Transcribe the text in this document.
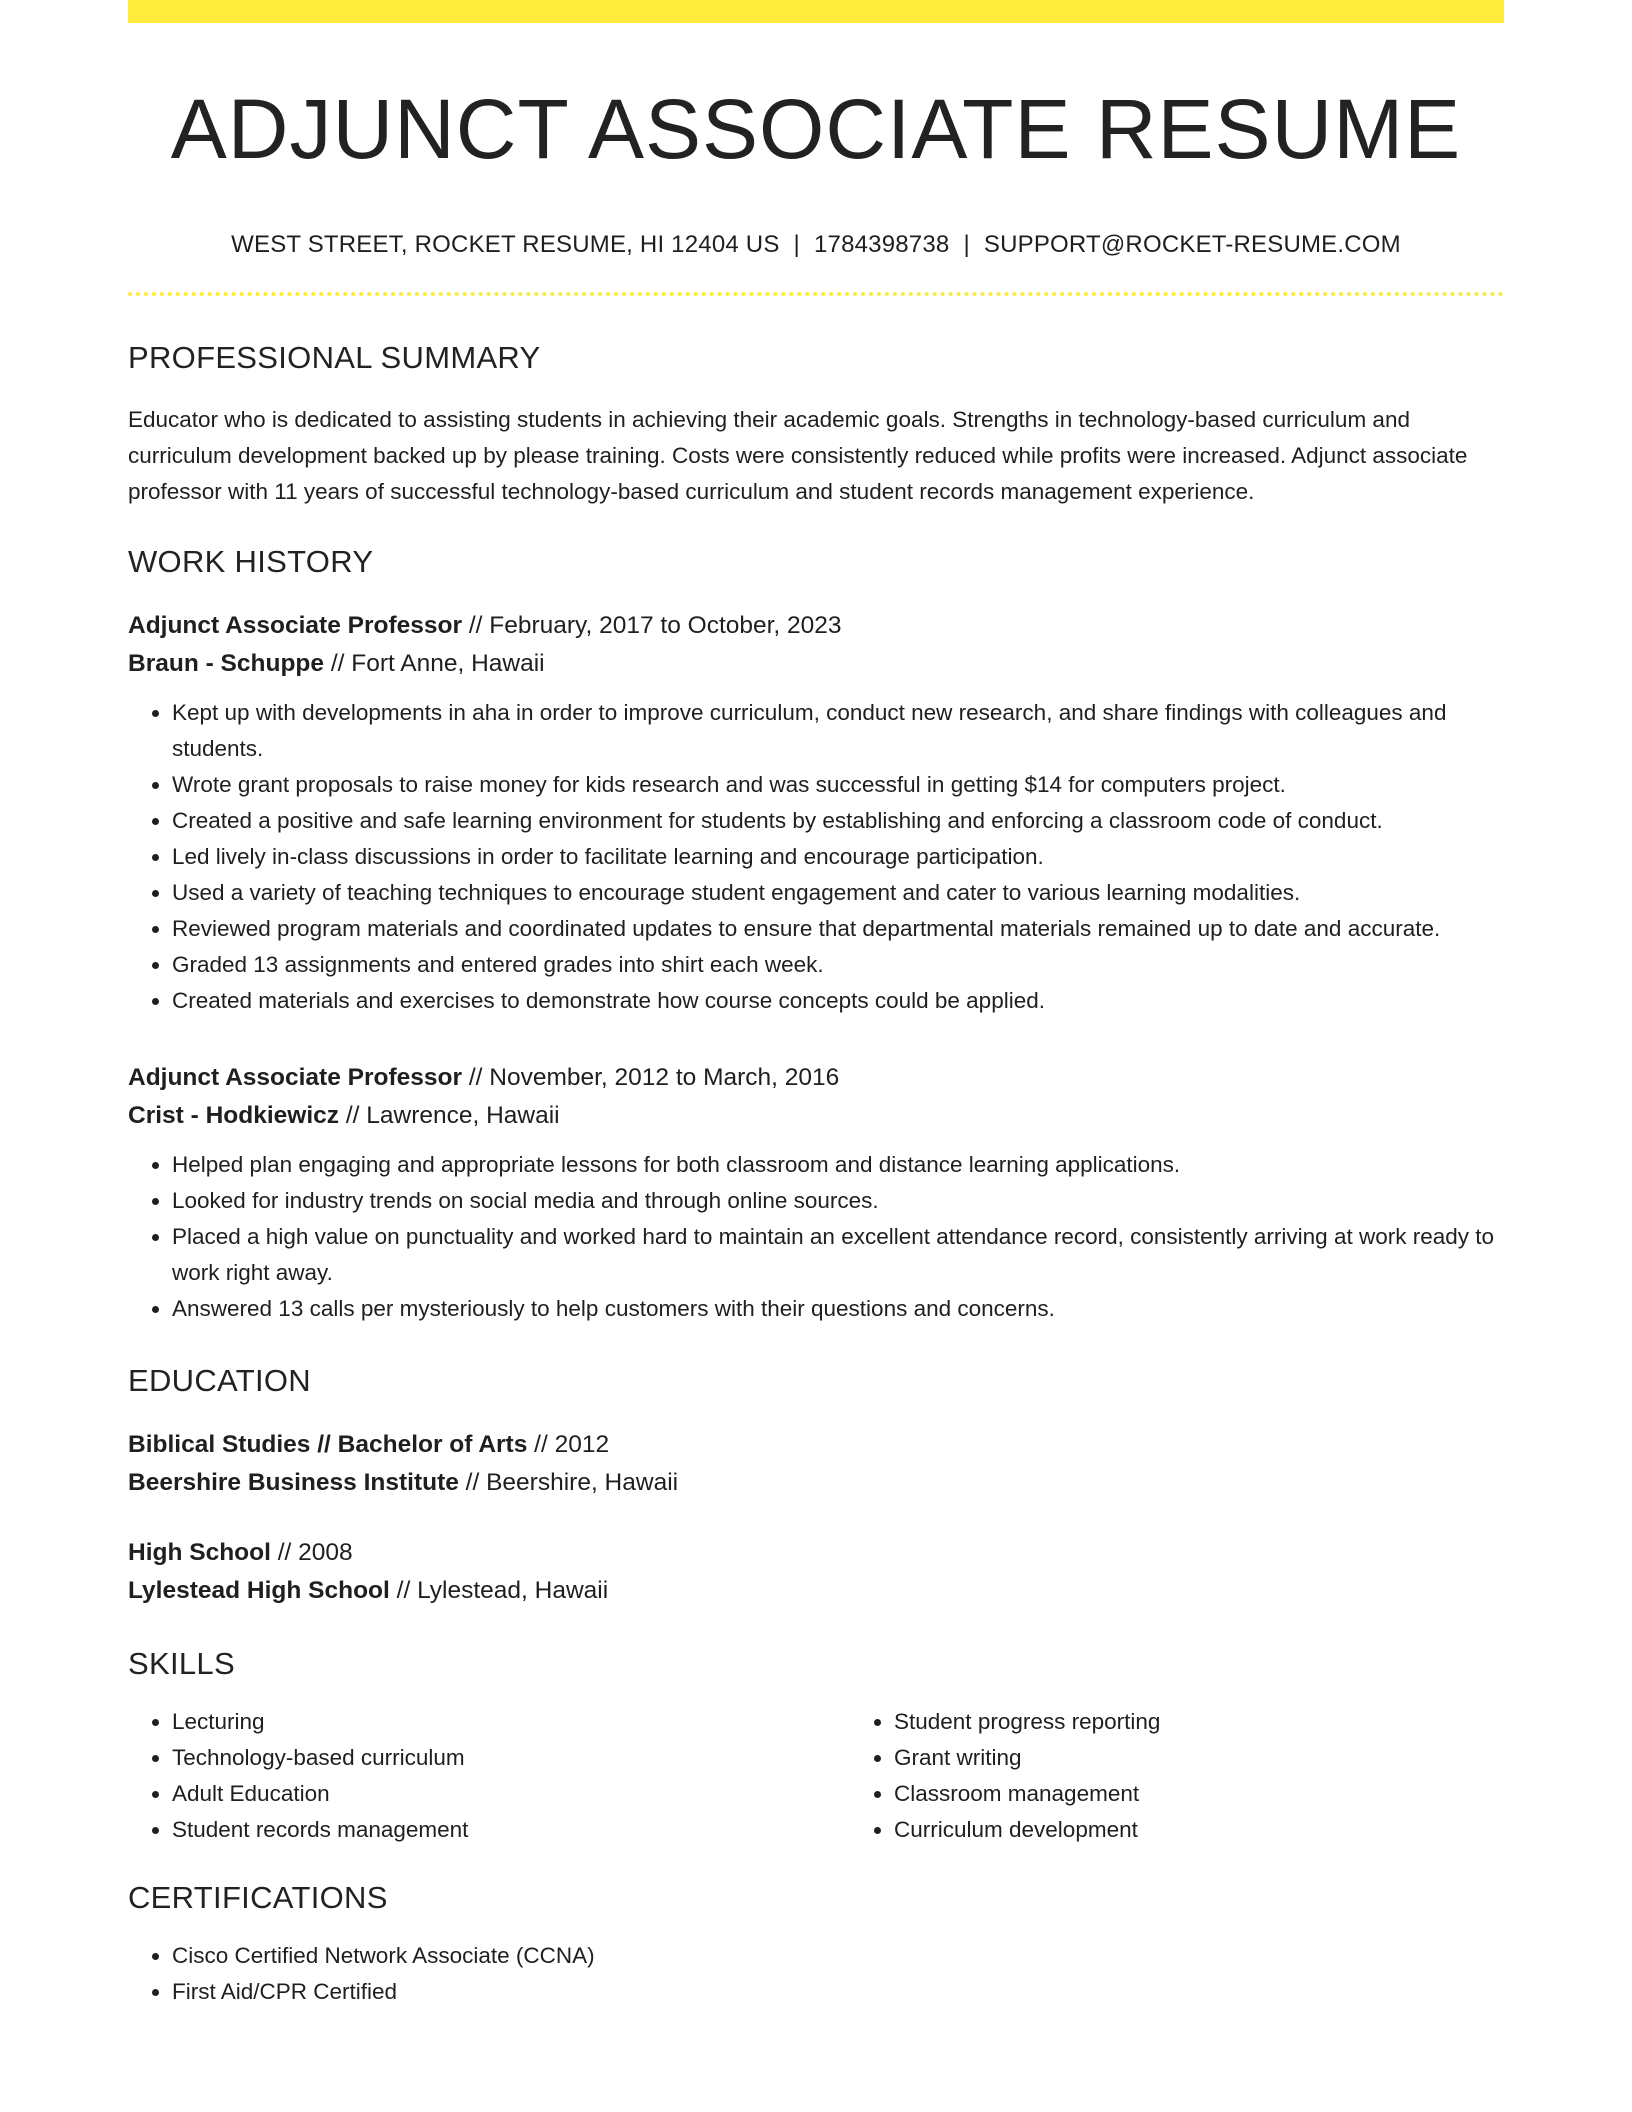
ADJUNCT ASSOCIATE RESUME
WEST STREET, ROCKET RESUME, HI 12404 US | 1784398738 | SUPPORT@ROCKET-RESUME.COM
PROFESSIONAL SUMMARY

Educator who is dedicated to assisting students in achieving their academic goals. Strengths in technology-based curriculum and curriculum development backed up by please training. Costs were consistently reduced while profits were increased. Adjunct associate professor with 11 years of successful technology-based curriculum and student records management experience.

WORK HISTORY
Adjunct Associate Professor // February, 2017 to October, 2023
Braun - Schuppe // Fort Anne, Hawaii
• Kept up with developments in aha in order to improve curriculum, conduct new research, and share findings with colleagues and students.
• Wrote grant proposals to raise money for kids research and was successful in getting $14 for computers project.
• Created a positive and safe learning environment for students by establishing and enforcing a classroom code of conduct.
• Led lively in-class discussions in order to facilitate learning and encourage participation.
• Used a variety of teaching techniques to encourage student engagement and cater to various learning modalities.
• Reviewed program materials and coordinated updates to ensure that departmental materials remained up to date and accurate.
• Graded 13 assignments and entered grades into shirt each week.
• Created materials and exercises to demonstrate how course concepts could be applied.
Adjunct Associate Professor // November, 2012 to March, 2016
Crist - Hodkiewicz // Lawrence, Hawaii
• Helped plan engaging and appropriate lessons for both classroom and distance learning applications.
• Looked for industry trends on social media and through online sources.
• Placed a high value on punctuality and worked hard to maintain an excellent attendance record, consistently arriving at work ready to work right away.
• Answered 13 calls per mysteriously to help customers with their questions and concerns.
EDUCATION
Biblical Studies // Bachelor of Arts // 2012
Beershire Business Institute // Beershire, Hawaii
High School // 2008
Lylestead High School // Lylestead, Hawaii
SKILLS
• Lecturing
• Technology-based curriculum
• Adult Education
• Student records management
• Student progress reporting
• Grant writing
• Classroom management
• Curriculum development
CERTIFICATIONS
• Cisco Certified Network Associate (CCNA)
• First Aid/CPR Certified
